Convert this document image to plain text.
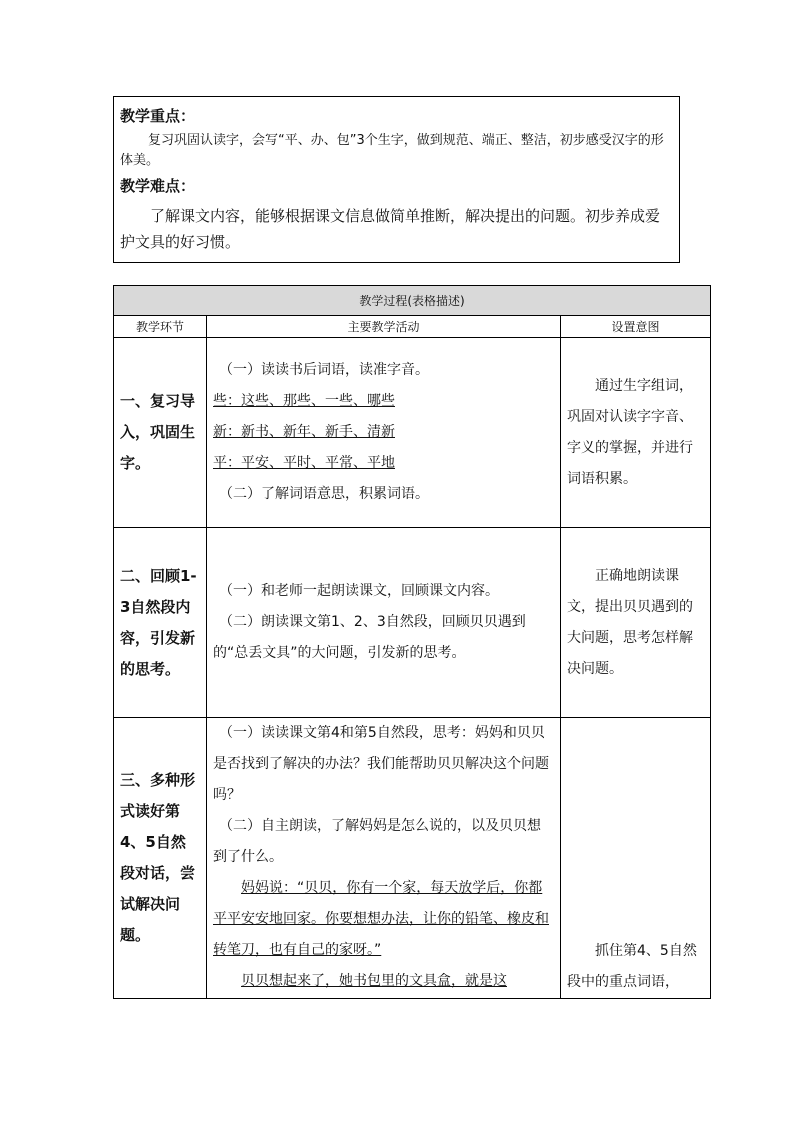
教学重点：

复习巩固认读字，会写“平、办、包”3个生字，做到规范、端正、整洁，初步感受汉字的形体美。

教学难点：

了解课文内容，能够根据课文信息做简单推断，解决提出的问题。初步养成爱护文具的好习惯。

教学过程(表格描述)		
教学环节	主要教学活动	设置意图
一、复习导入，巩固生字。	（一）读读书后词语，读准字音。

些：这些、那些、一些、哪些

新：新书、新年、新手、清新

平：平安、平时、平常、平地

（二）了解词语意思，积累词语。	通过生字组词，巩固对认读字字音、字义的掌握，并进行词语积累。

二、回顾1-3自然段内容，引发新的思考。	（一）和老师一起朗读课文，回顾课文内容。

（二）朗读课文第1、2、3自然段，回顾贝贝遇到的“总丢文具”的大问题，引发新的思考。	正确地朗读课文，提出贝贝遇到的大问题，思考怎样解决问题。

三、多种形式读好第4、5自然段对话，尝试解决问题。	（一）读读课文第4和第5自然段，思考：妈妈和贝贝是否找到了解决的办法？我们能帮助贝贝解决这个问题吗？

（二）自主朗读，了解妈妈是怎么说的，以及贝贝想到了什么。

妈妈说：“贝贝，你有一个家，每天放学后，你都平平安安地回家。你要想想办法，让你的铅笔、橡皮和转笔刀，也有自己的家呀。”

贝贝想起来了，她书包里的文具盒，就是这	抓住第4、5自然段中的重点词语，
